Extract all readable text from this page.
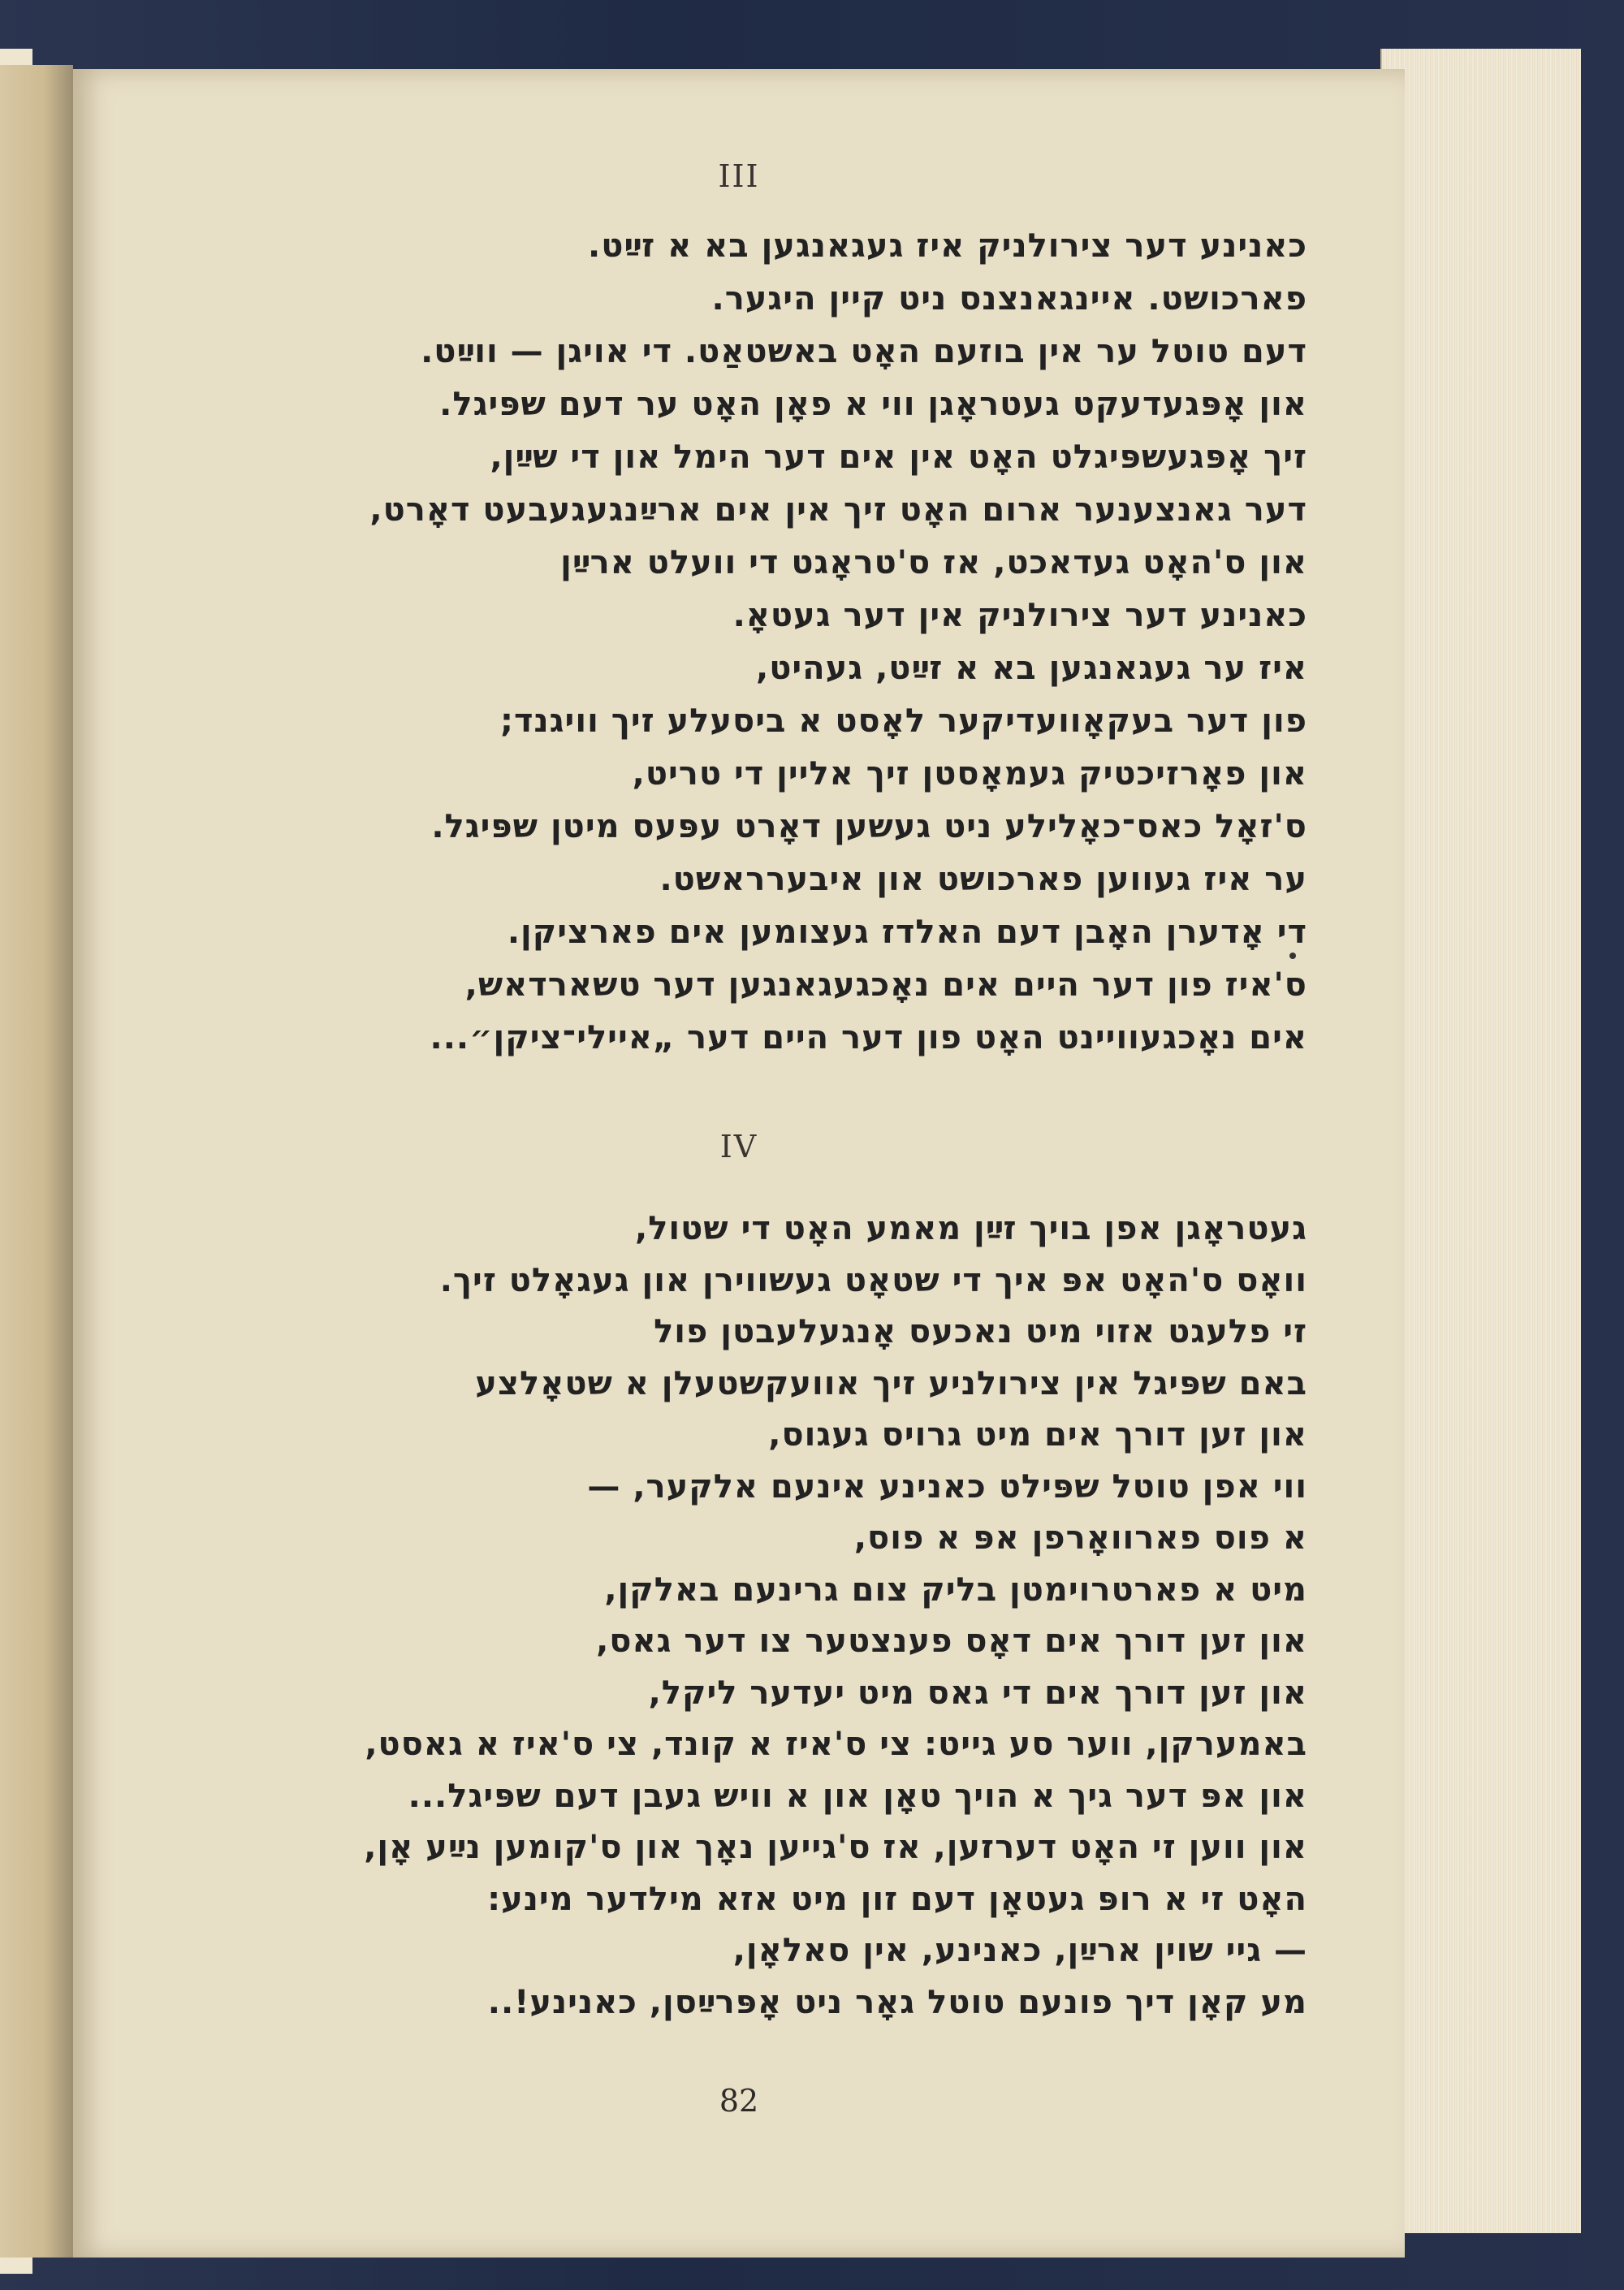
III
כאנינע דער צירולניק איז געגאנגען בא א זײַט.
פארכושט. איינגאנצנס ניט קיין היגער.
דעם טוטל ער אין בוזעם האָט באשטאַט. די אויגן — ווײַט.
און אָפּגעדעקט געטראָגן ווי א פאָן האָט ער דעם שפּיגל.
זיך אָפּגעשפּיגלט האָט אין אים דער הימל און די שײַן,
דער גאנצענער ארום האָט זיך אין אים ארײַנגעגעבעט דאָרט,
און ס'האָט געדאכט, אז ס'טראָגט די וועלט ארײַן
כאנינע דער צירולניק אין דער געטאָ.
איז ער געגאנגען בא א זײַט, געהיט,
פון דער בעקאָוועדיקער לאָסט א ביסעלע זיך וויגנד;
און פאָרזיכטיק געמאָסטן זיך אליין די טריט,
ס'זאָל כאס־כאָלילע ניט געשען דאָרט עפּעס מיטן שפּיגל.
ער איז געווען פארכושט און איבערראשט.
די אָדערן האָבן דעם האלדז געצומען אים פארציקן.
ס'איז פון דער היים אים נאָכגעגאנגען דער טשארדאש,
אים נאָכגעוויינט האָט פון דער היים דער „איילי־ציקן״...
IV
געטראָגן אפן בויך זײַן מאמע האָט די שטול,
וואָס ס'האָט אפּ איך די שטאָט געשווירן און געגאָלט זיך.
זי פלעגט אזוי מיט נאכעס אָנגעלעבטן פול
באם שפּיגל אין צירולניע זיך אוועקשטעלן א שטאָלצע
און זען דורך אים מיט גרויס געגוס,
ווי אפן טוטל שפּילט כאנינע אינעם אלקער, —
א פוס פארוואָרפן אפּ א פוס,
מיט א פארטרוימטן בליק צום גרינעם באלקן,
און זען דורך אים דאָס פענצטער צו דער גאס,
און זען דורך אים די גאס מיט יעדער ליקל,
באמערקן, ווער סע גייט: צי ס'איז א קונד, צי ס'איז א גאסט,
און אפּ דער גיך א הויך טאָן און א וויש געבן דעם שפּיגל...
און ווען זי האָט דערזען, אז ס'גייען נאָך און ס'קומען נײַע אָן,
האָט זי א רופּ געטאָן דעם זון מיט אזא מילדער מינע:
— גיי שוין ארײַן, כאנינע, אין סאלאָן,
מע קאָן דיך פונעם טוטל גאָר ניט אָפּרײַסן, כאנינע!..
82
